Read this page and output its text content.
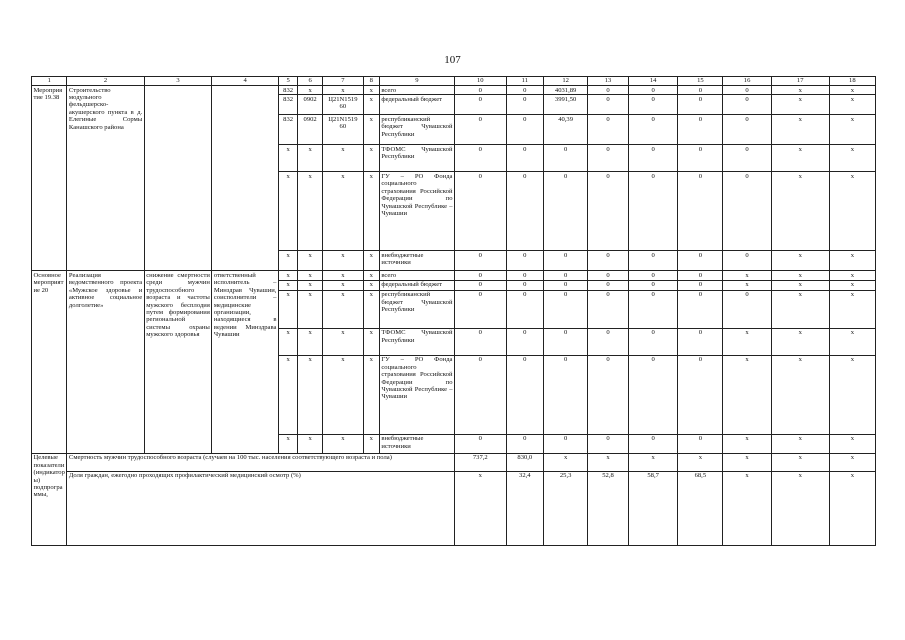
107
1	2	3	4	5	6	7	8	9	10	11	12	13	14	15	16	17	18
Мероприятие 19.38	Строительство модульного фельдшерско-акушерского пункта в д. Елегиные Сормы Канашского района			832	x	x	x	всего	0	0	4031,89	0	0	0	0	x	x
				832	0902	Ц21N1519 60	x	федеральный бюджет	0	0	3991,50	0	0	0	0	x	x
				832	0902	Ц21N1519 60	x	республиканский бюджет Чувашской Республики	0	0	40,39	0	0	0	0	x	x
				x	x	x	x	ТФОМС Чувашской Республики	0	0	0	0	0	0	0	x	x
				x	x	x	x	ГУ – РО Фонда социального страхования Российской Федерации по Чувашской Республике – Чувашии	0	0	0	0	0	0	0	x	x
				x	x	x	x	внебюджетные источники	0	0	0	0	0	0	0	x	x
Основное мероприятие 20	Реализация ведомственного проекта «Мужское здоровье и активное социальное долголетие»	снижение смертности среди мужчин трудоспособного возраста и частоты мужского бесплодия путем формирования региональной системы охраны мужского здоровья	ответственный исполнитель – Минздрав Чувашии, соисполнители – медицинские организации, находящиеся в ведении Минздрава Чувашии	x	x	x	x	всего	0	0	0	0	0	0	x	x	x
				x	x	x	x	федеральный бюджет	0	0	0	0	0	0	x	x	x
				x	x	x	x	республиканский бюджет Чувашской Республики	0	0	0	0	0	0	0	x	x
				x	x	x	x	ТФОМС Чувашской Республики	0	0	0	0	0	0	x	x	x
				x	x	x	x	ГУ – РО Фонда социального страхования Российской Федерации по Чувашской Республике – Чувашии	0	0	0	0	0	0	x	x	x
				x	x	x	x	внебюджетные источники	0	0	0	0	0	0	x	x	x
Целевые показатели (индикаторы) подпрограммы,	Смертность мужчин трудоспособного возраста (случаев на 100 тыс. населения соответствующего возраста и пола)								737,2	830,0	x	x	x	x	x	x	x
	Доля граждан, ежегодно проходящих профилактический медицинский осмотр (%)								x	32,4	25,3	52,8	58,7	68,5	x	x	x
